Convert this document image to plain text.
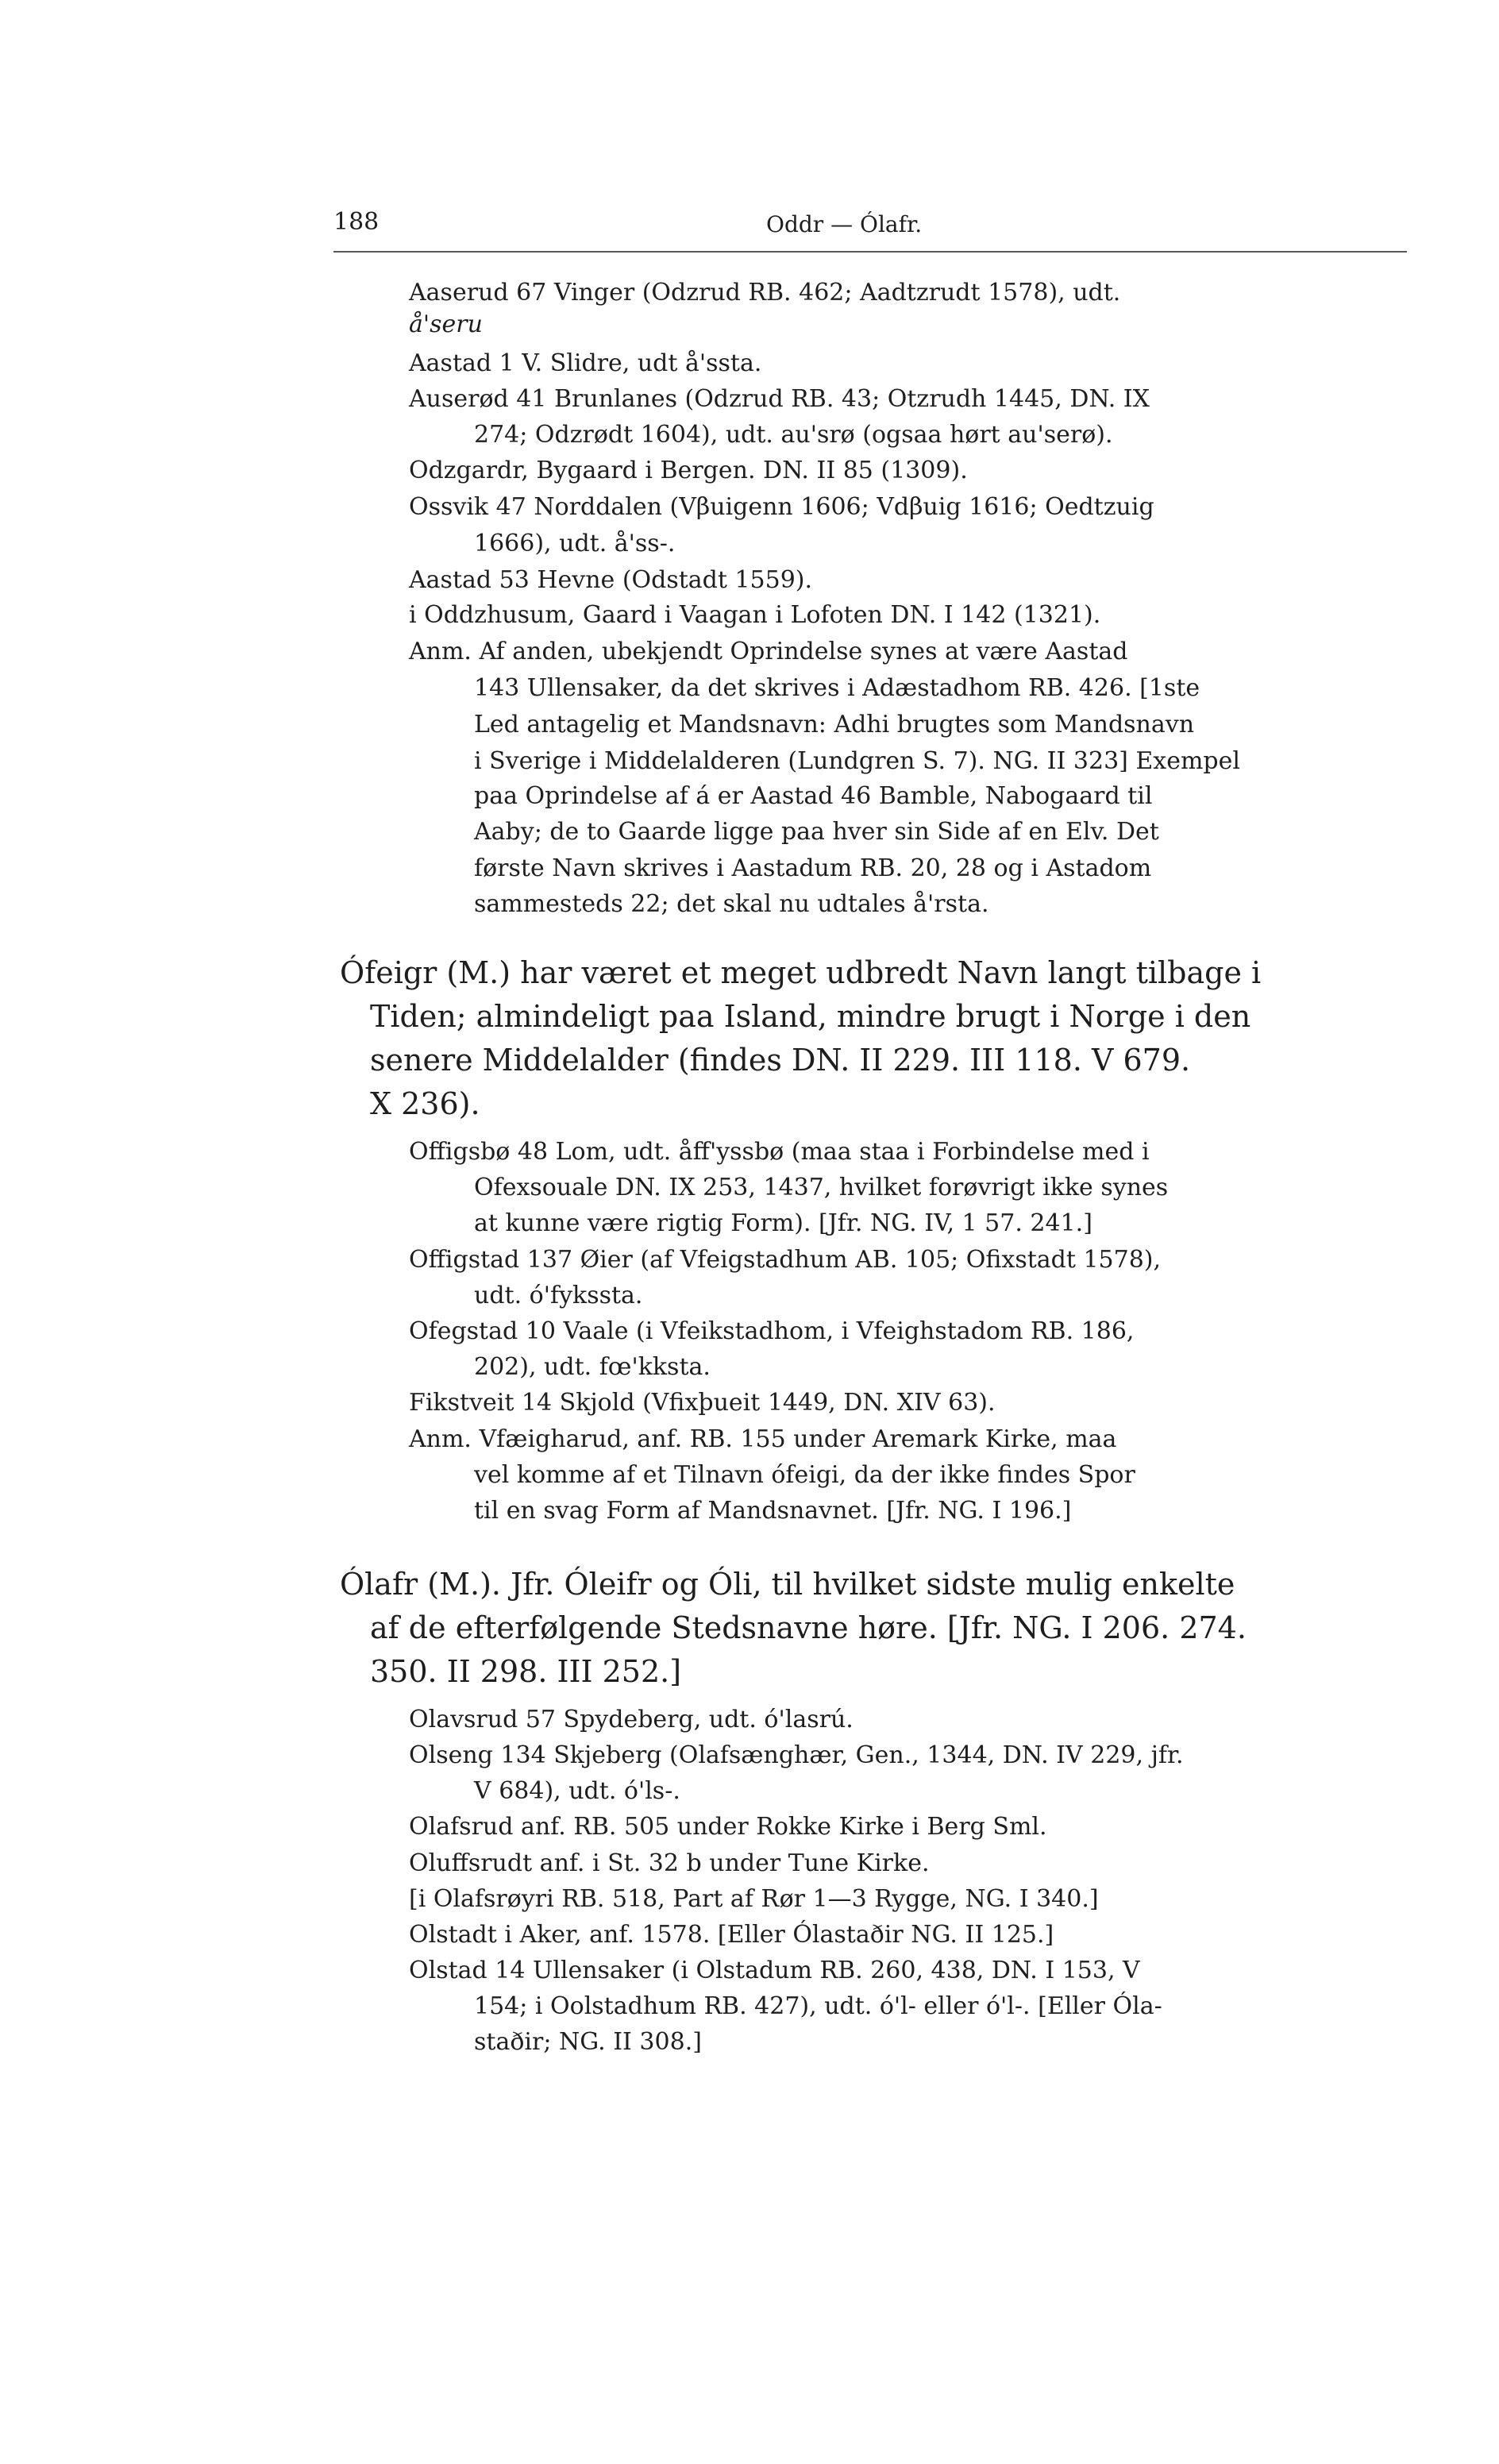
188	Oddr — Ólafr.
Aaserud 67 Vinger (Odzrud RB. 462; Aadtzrudt 1578), udt.
å'seru
Aastad 1 V. Slidre, udt å'ssta.
Auserød 41 Brunlanes (Odzrud RB. 43; Otzrudh 1445, DN. IX
274; Odzrødt 1604), udt. au'srø (ogsaa hørt au'serø).
Odzgardr, Bygaard i Bergen. DN. II 85 (1309).
Ossvik 47 Norddalen (Vβuigenn 1606; Vdβuig 1616; Oedtzuig
1666), udt. å'ss-.
Aastad 53 Hevne (Odstadt 1559).
i Oddzhusum, Gaard i Vaagan i Lofoten DN. I 142 (1321).
Anm. Af anden, ubekjendt Oprindelse synes at være Aastad
143 Ullensaker, da det skrives i Adæstadhom RB. 426. [1ste
Led antagelig et Mandsnavn: Adhi brugtes som Mandsnavn
i Sverige i Middelalderen (Lundgren S. 7). NG. II 323] Exempel
paa Oprindelse af á er Aastad 46 Bamble, Nabogaard til
Aaby; de to Gaarde ligge paa hver sin Side af en Elv. Det
første Navn skrives i Aastadum RB. 20, 28 og i Astadom
sammesteds 22; det skal nu udtales å'rsta.
Ófeigr (M.) har været et meget udbredt Navn langt tilbage i
Tiden; almindeligt paa Island, mindre brugt i Norge i den
senere Middelalder (findes DN. II 229. III 118. V 679.
X 236).
Offigsbø 48 Lom, udt. åff'yssbø (maa staa i Forbindelse med i
Ofexsouale DN. IX 253, 1437, hvilket forøvrigt ikke synes
at kunne være rigtig Form). [Jfr. NG. IV, 1 57. 241.]
Offigstad 137 Øier (af Vfeigstadhum AB. 105; Ofixstadt 1578),
udt. ó'fykssta.
Ofegstad 10 Vaale (i Vfeikstadhom, i Vfeighstadom RB. 186,
202), udt. fœ'kksta.
Fikstveit 14 Skjold (Vfixþueit 1449, DN. XIV 63).
Anm. Vfæigharud, anf. RB. 155 under Aremark Kirke, maa
vel komme af et Tilnavn ófeigi, da der ikke findes Spor
til en svag Form af Mandsnavnet. [Jfr. NG. I 196.]
Ólafr (M.). Jfr. Óleifr og Óli, til hvilket sidste mulig enkelte
af de efterfølgende Stedsnavne høre. [Jfr. NG. I 206. 274.
350. II 298. III 252.]
Olavsrud 57 Spydeberg, udt. ó'lasrú.
Olseng 134 Skjeberg (Olafsænghær, Gen., 1344, DN. IV 229, jfr.
V 684), udt. ó'ls-.
Olafsrud anf. RB. 505 under Rokke Kirke i Berg Sml.
Oluffsrudt anf. i St. 32 b under Tune Kirke.
[i Olafsrøyri RB. 518, Part af Rør 1—3 Rygge, NG. I 340.]
Olstadt i Aker, anf. 1578. [Eller Ólastaðir NG. II 125.]
Olstad 14 Ullensaker (i Olstadum RB. 260, 438, DN. I 153, V
154; i Oolstadhum RB. 427), udt. ó'l- eller ó'l-. [Eller Óla-
staðir; NG. II 308.]
